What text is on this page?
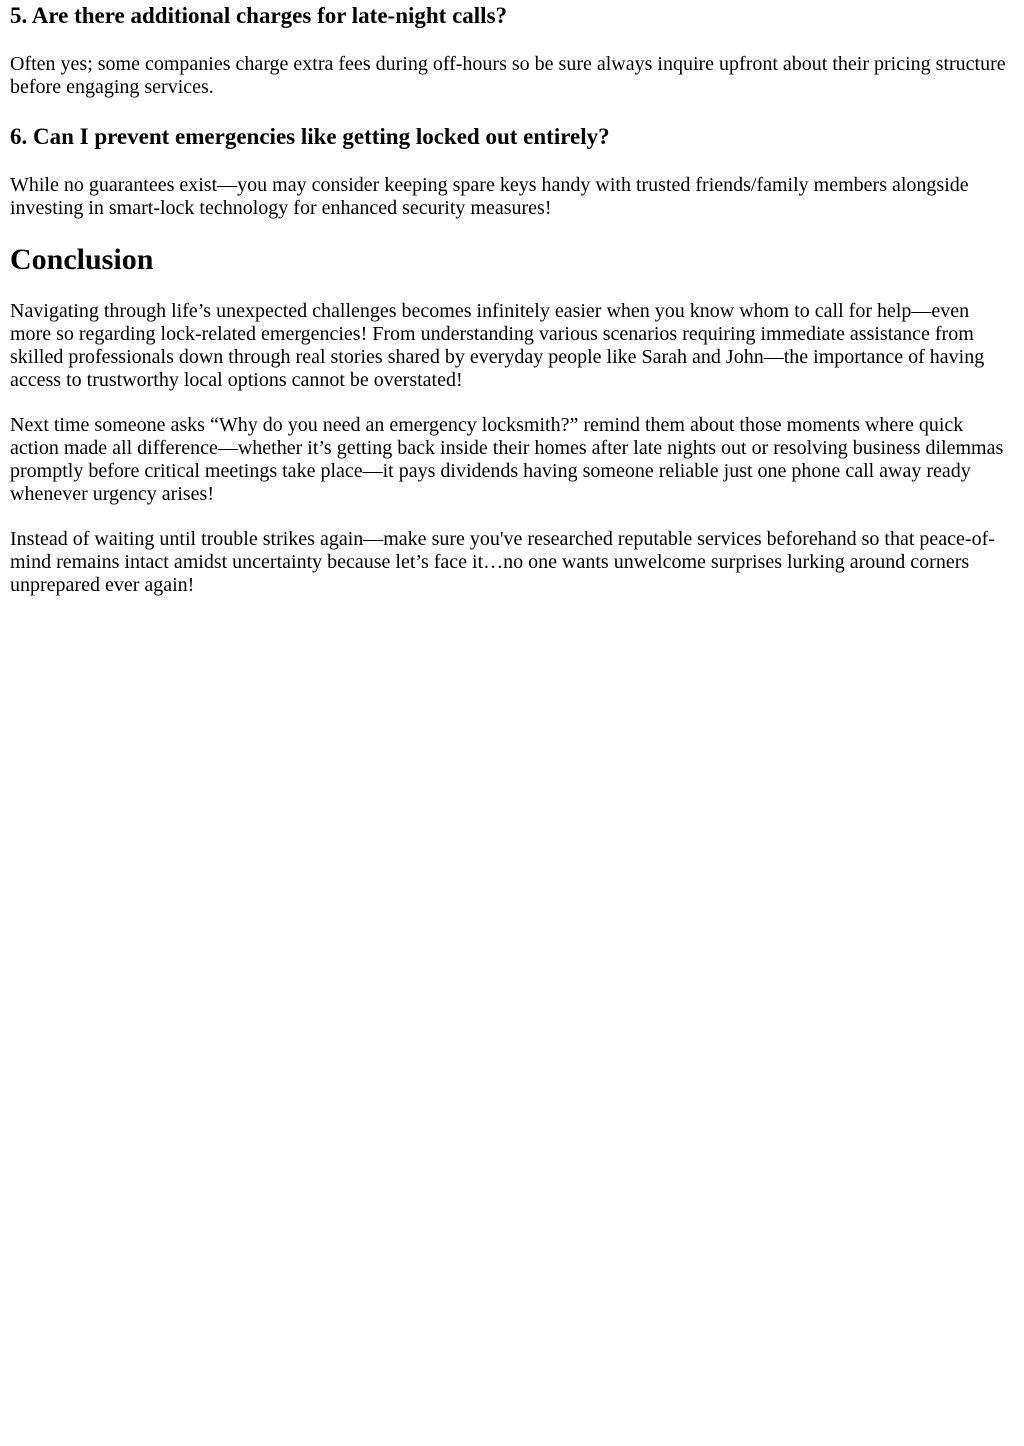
5. Are there additional charges for late-night calls?

Often yes; some companies charge extra fees during off-hours so be sure always inquire upfront about their pricing structure before engaging services.

6. Can I prevent emergencies like getting locked out entirely?

While no guarantees exist—you may consider keeping spare keys handy with trusted friends/family members alongside investing in smart-lock technology for enhanced security measures!

Conclusion

Navigating through life’s unexpected challenges becomes infinitely easier when you know whom to call for help—even more so regarding lock-related emergencies! From understanding various scenarios requiring immediate assistance from skilled professionals down through real stories shared by everyday people like Sarah and John—the importance of having access to trustworthy local options cannot be overstated!

Next time someone asks “Why do you need an emergency locksmith?” remind them about those moments where quick action made all difference—whether it’s getting back inside their homes after late nights out or resolving business dilemmas promptly before critical meetings take place—it pays dividends having someone reliable just one phone call away ready whenever urgency arises!

Instead of waiting until trouble strikes again—make sure you've researched reputable services beforehand so that peace-of-mind remains intact amidst uncertainty because let’s face it…no one wants unwelcome surprises lurking around corners unprepared ever again!
